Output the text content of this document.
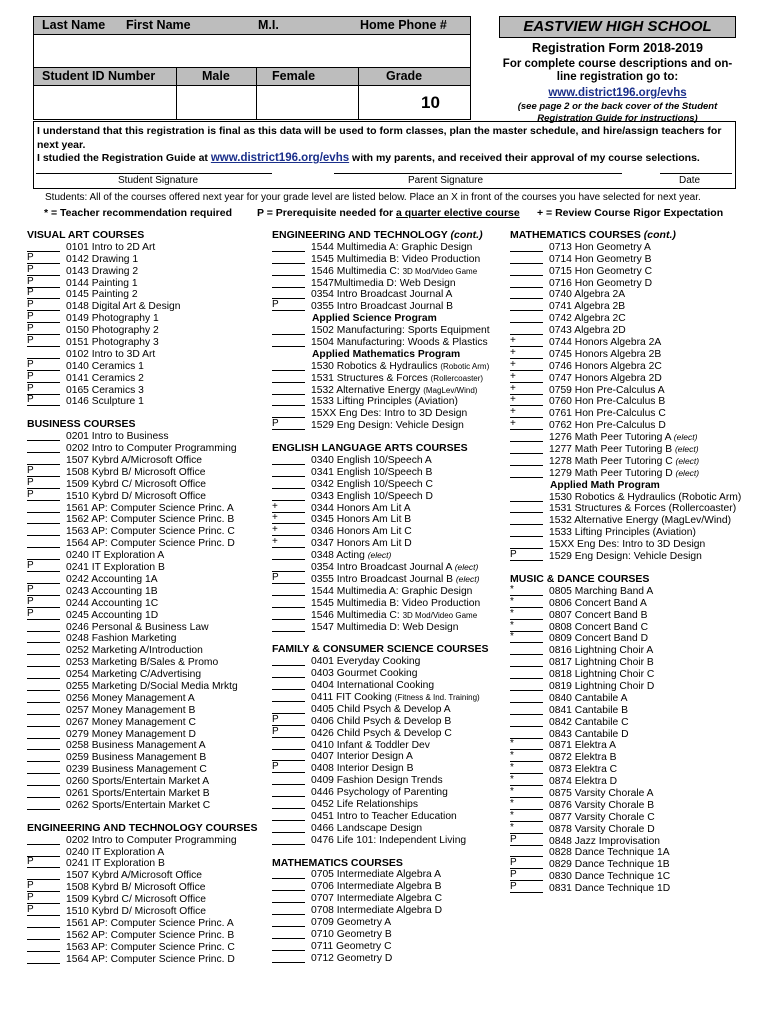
Last Name First Name	M.I.	Home Phone #
Student ID Number	Male	Female	Grade
10
EASTVIEW HIGH SCHOOL
Registration Form 2018-2019
For complete course descriptions and on-line registration go to:
www.district196.org/evhs
(see page 2 or the back cover of the Student Registration Guide for instructions)
I understand that this registration is final as this data will be used to form classes, plan the master schedule, and hire/assign teachers for next year.
I studied the Registration Guide at www.district196.org/evhs with my parents, and received their approval of my course selections.
Student Signature	Parent Signature	Date
Students: All of the courses offered next year for your grade level are listed below. Place an X in front of the courses you have selected for next year.
* = Teacher recommendation required P = Prerequisite needed for a quarter elective course + = Review Course Rigor Expectation
VISUAL ART COURSES
0101 Intro to 2D Art
P	0142 Drawing 1
P	0143 Drawing 2
P	0144 Painting 1
P	0145 Painting 2
P	0148 Digital Art & Design
P	0149 Photography 1
P	0150 Photography 2
P	0151 Photography 3
0102 Intro to 3D Art
P	0140 Ceramics 1
P	0141 Ceramics 2
P	0165 Ceramics 3
P	0146 Sculpture 1
BUSINESS COURSES
0201 Intro to Business
0202 Intro to Computer Programming
1507 Kybrd A/Microsoft Office
P	1508 Kybrd B/ Microsoft Office
P	1509 Kybrd C/ Microsoft Office
P	1510 Kybrd D/ Microsoft Office
1561 AP: Computer Science Princ. A
1562 AP: Computer Science Princ. B
1563 AP: Computer Science Princ. C
1564 AP: Computer Science Princ. D
0240 IT Exploration A
P	0241 IT Exploration B
0242 Accounting 1A
P	0243 Accounting 1B
P	0244 Accounting 1C
P	0245 Accounting 1D
0246 Personal & Business Law
0248 Fashion Marketing
0252 Marketing A/Introduction
0253 Marketing B/Sales & Promo
0254 Marketing C/Advertising
0255 Marketing D/Social Media Mrktg
0256 Money Management A
0257 Money Management B
0267 Money Management C
0279 Money Management D
0258 Business Management A
0259 Business Management B
0239 Business Management C
0260 Sports/Entertain Market A
0261 Sports/Entertain Market B
0262 Sports/Entertain Market C
ENGINEERING AND TECHNOLOGY COURSES
0202 Intro to Computer Programming
0240 IT Exploration A
P	0241 IT Exploration B
1507 Kybrd A/Microsoft Office
P	1508 Kybrd B/ Microsoft Office
P	1509 Kybrd C/ Microsoft Office
P	1510 Kybrd D/ Microsoft Office
1561 AP: Computer Science Princ. A
1562 AP: Computer Science Princ. B
1563 AP: Computer Science Princ. C
1564 AP: Computer Science Princ. D
ENGINEERING AND TECHNOLOGY (cont.)
1544 Multimedia A: Graphic Design
1545 Multimedia B: Video Production
1546 Multimedia C: 3D Mod/Video Game
1547Multimedia D: Web Design
0354 Intro Broadcast Journal A
P	0355 Intro Broadcast Journal B
Applied Science Program
1502 Manufacturing: Sports Equipment
1504 Manufacturing: Woods & Plastics
Applied Mathematics Program
1530 Robotics & Hydraulics (Robotic Arm)
1531 Structures & Forces (Rollercoaster)
1532 Alternative Energy (MagLev/Wind)
1533 Lifting Principles (Aviation)
15XX Eng Des: Intro to 3D Design
P	1529 Eng Design: Vehicle Design
ENGLISH LANGUAGE ARTS COURSES
0340 English 10/Speech A
0341 English 10/Speech B
0342 English 10/Speech C
0343 English 10/Speech D
+	0344 Honors Am Lit A
+	0345 Honors Am Lit B
+	0346 Honors Am Lit C
+	0347 Honors Am Lit D
0348 Acting (elect)
0354 Intro Broadcast Journal A (elect)
P	0355 Intro Broadcast Journal B (elect)
1544 Multimedia A: Graphic Design
1545 Multimedia B: Video Production
1546 Multimedia C: 3D Mod/Video Game
1547 Multimedia D: Web Design
FAMILY & CONSUMER SCIENCE COURSES
0401 Everyday Cooking
0403 Gourmet Cooking
0404 International Cooking
0411 FIT Cooking (Fitness & Ind. Training)
0405 Child Psych & Develop A
P	0406 Child Psych & Develop B
P	0426 Child Psych & Develop C
0410 Infant & Toddler Dev
0407 Interior Design A
P	0408 Interior Design B
0409 Fashion Design Trends
0446 Psychology of Parenting
0452 Life Relationships
0451 Intro to Teacher Education
0466 Landscape Design
0476 Life 101: Independent Living
MATHEMATICS COURSES
0705 Intermediate Algebra A
0706 Intermediate Algebra B
0707 Intermediate Algebra C
0708 Intermediate Algebra D
0709 Geometry A
0710 Geometry B
0711 Geometry C
0712 Geometry D
MATHEMATICS COURSES (cont.)
0713 Hon Geometry A
0714 Hon Geometry B
0715 Hon Geometry C
0716 Hon Geometry D
0740 Algebra 2A
0741 Algebra 2B
0742 Algebra 2C
0743 Algebra 2D
+	0744 Honors Algebra 2A
+	0745 Honors Algebra 2B
+	0746 Honors Algebra 2C
+	0747 Honors Algebra 2D
+	0759 Hon Pre-Calculus A
+	0760 Hon Pre-Calculus B
+	0761 Hon Pre-Calculus C
+	0762 Hon Pre-Calculus D
1276 Math Peer Tutoring A (elect)
1277 Math Peer Tutoring B (elect)
1278 Math Peer Tutoring C (elect)
1279 Math Peer Tutoring D (elect)
Applied Math Program
1530 Robotics & Hydraulics (Robotic Arm)
1531 Structures & Forces (Rollercoaster)
1532 Alternative Energy (MagLev/Wind)
1533 Lifting Principles (Aviation)
15XX Eng Des: Intro to 3D Design
P	1529 Eng Design: Vehicle Design
MUSIC & DANCE COURSES
*	0805 Marching Band A
*	0806 Concert Band A
*	0807 Concert Band B
*	0808 Concert Band C
*	0809 Concert Band D
0816 Lightning Choir A
0817 Lightning Choir B
0818 Lightning Choir C
0819 Lightning Choir D
0840 Cantabile A
0841 Cantabile B
0842 Cantabile C
0843 Cantabile D
*	0871 Elektra A
*	0872 Elektra B
*	0873 Elektra C
*	0874 Elektra D
*	0875 Varsity Chorale A
*	0876 Varsity Chorale B
*	0877 Varsity Chorale C
*	0878 Varsity Chorale D
P	0848 Jazz Improvisation
0828 Dance Technique 1A
P	0829 Dance Technique 1B
P	0830 Dance Technique 1C
P	0831 Dance Technique 1D
